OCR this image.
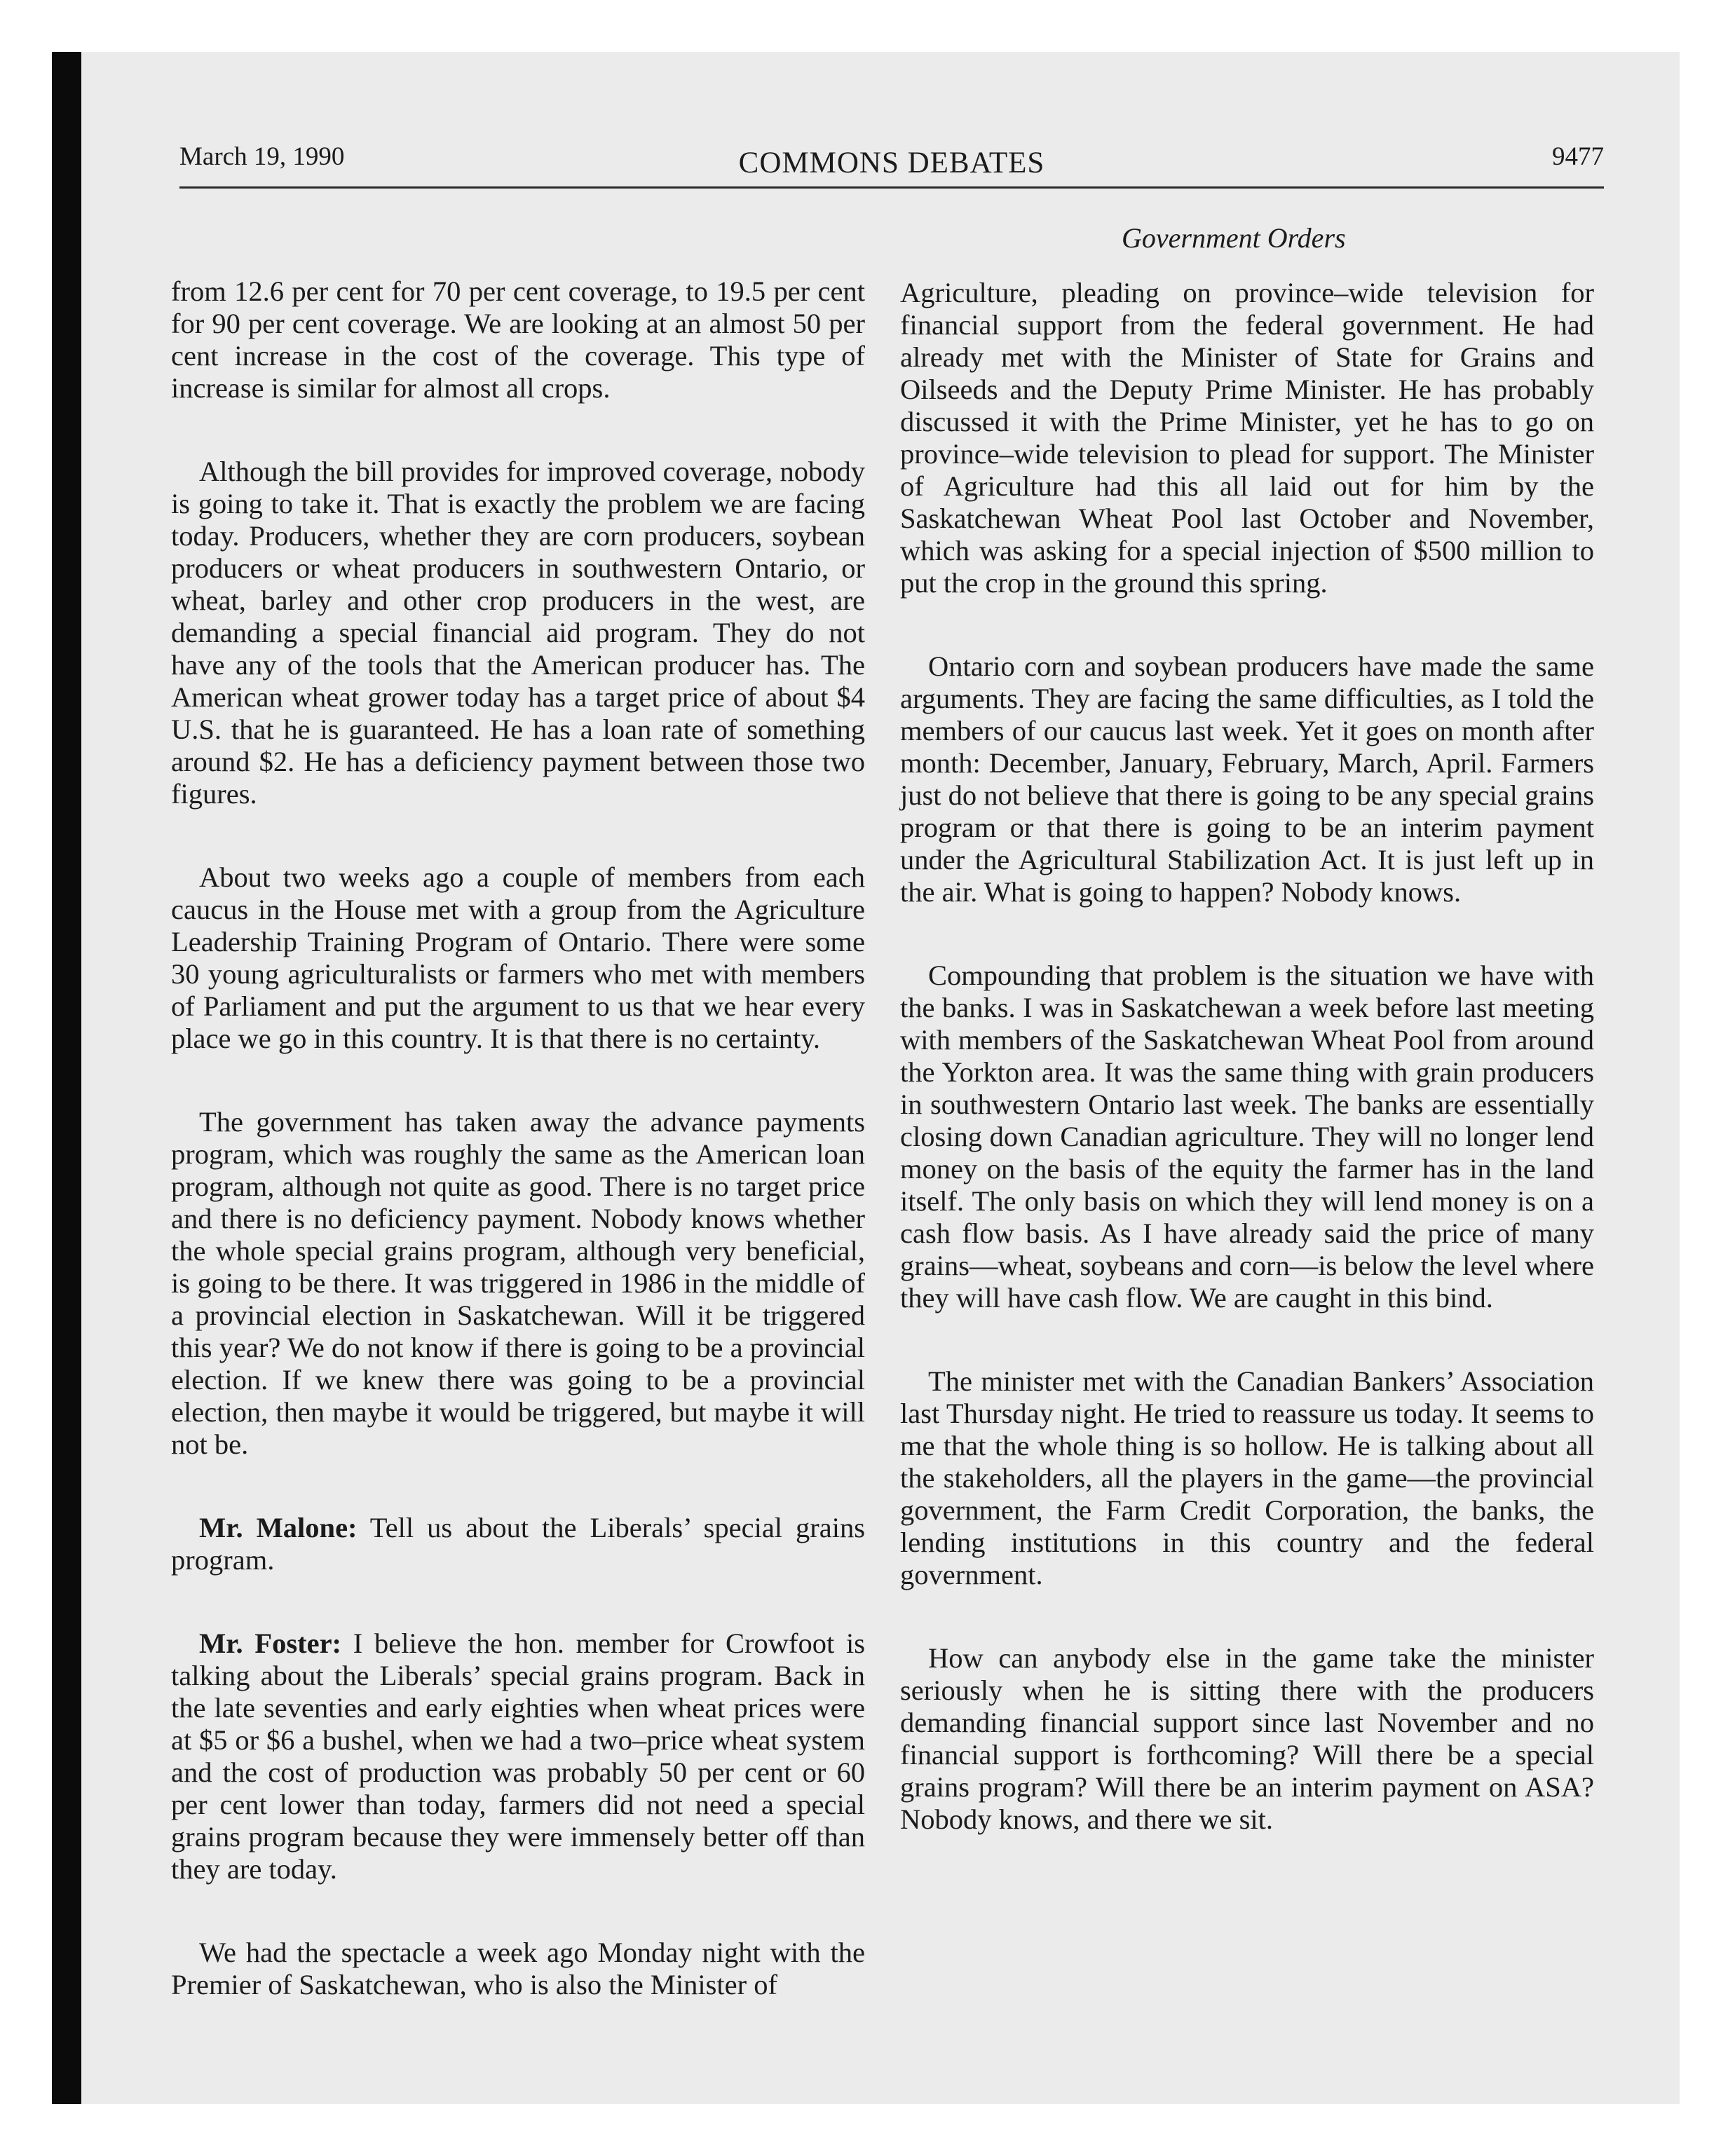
March 19, 1990	COMMONS DEBATES	9477
Government Orders

from 12.6 per cent for 70 per cent coverage, to 19.5 per cent for 90 per cent coverage. We are looking at an almost 50 per cent increase in the cost of the coverage. This type of increase is similar for almost all crops.

Although the bill provides for improved coverage, nobody is going to take it. That is exactly the problem we are facing today. Producers, whether they are corn producers, soybean producers or wheat producers in southwestern Ontario, or wheat, barley and other crop producers in the west, are demanding a special financial aid program. They do not have any of the tools that the American producer has. The American wheat grower today has a target price of about $4 U.S. that he is guaranteed. He has a loan rate of something around $2. He has a deficiency payment between those two figures.

About two weeks ago a couple of members from each caucus in the House met with a group from the Agriculture Leadership Training Program of Ontario. There were some 30 young agriculturalists or farmers who met with members of Parliament and put the argument to us that we hear every place we go in this country. It is that there is no certainty.

The government has taken away the advance payments program, which was roughly the same as the American loan program, although not quite as good. There is no target price and there is no deficiency payment. Nobody knows whether the whole special grains program, although very beneficial, is going to be there. It was triggered in 1986 in the middle of a provincial election in Saskatchewan. Will it be triggered this year? We do not know if there is going to be a provincial election. If we knew there was going to be a provincial election, then maybe it would be triggered, but maybe it will not be.

Mr. Malone: Tell us about the Liberals’ special grains program.

Mr. Foster: I believe the hon. member for Crowfoot is talking about the Liberals’ special grains program. Back in the late seventies and early eighties when wheat prices were at $5 or $6 a bushel, when we had a two–price wheat system and the cost of production was probably 50 per cent or 60 per cent lower than today, farmers did not need a special grains program because they were immensely better off than they are today.

We had the spectacle a week ago Monday night with the Premier of Saskatchewan, who is also the Minister of

Agriculture, pleading on province–wide television for financial support from the federal government. He had already met with the Minister of State for Grains and Oilseeds and the Deputy Prime Minister. He has probably discussed it with the Prime Minister, yet he has to go on province–wide television to plead for support. The Minister of Agriculture had this all laid out for him by the Saskatchewan Wheat Pool last October and November, which was asking for a special injection of $500 million to put the crop in the ground this spring.

Ontario corn and soybean producers have made the same arguments. They are facing the same difficulties, as I told the members of our caucus last week. Yet it goes on month after month: December, January, February, March, April. Farmers just do not believe that there is going to be any special grains program or that there is going to be an interim payment under the Agricultural Stabilization Act. It is just left up in the air. What is going to happen? Nobody knows.

Compounding that problem is the situation we have with the banks. I was in Saskatchewan a week before last meeting with members of the Saskatchewan Wheat Pool from around the Yorkton area. It was the same thing with grain producers in southwestern Ontario last week. The banks are essentially closing down Canadian agriculture. They will no longer lend money on the basis of the equity the farmer has in the land itself. The only basis on which they will lend money is on a cash flow basis. As I have already said the price of many grains—wheat, soybeans and corn—is below the level where they will have cash flow. We are caught in this bind.

The minister met with the Canadian Bankers’ Association last Thursday night. He tried to reassure us today. It seems to me that the whole thing is so hollow. He is talking about all the stakeholders, all the players in the game—the provincial government, the Farm Credit Corporation, the banks, the lending institutions in this country and the federal government.

How can anybody else in the game take the minister seriously when he is sitting there with the producers demanding financial support since last November and no financial support is forthcoming? Will there be a special grains program? Will there be an interim payment on ASA? Nobody knows, and there we sit.
